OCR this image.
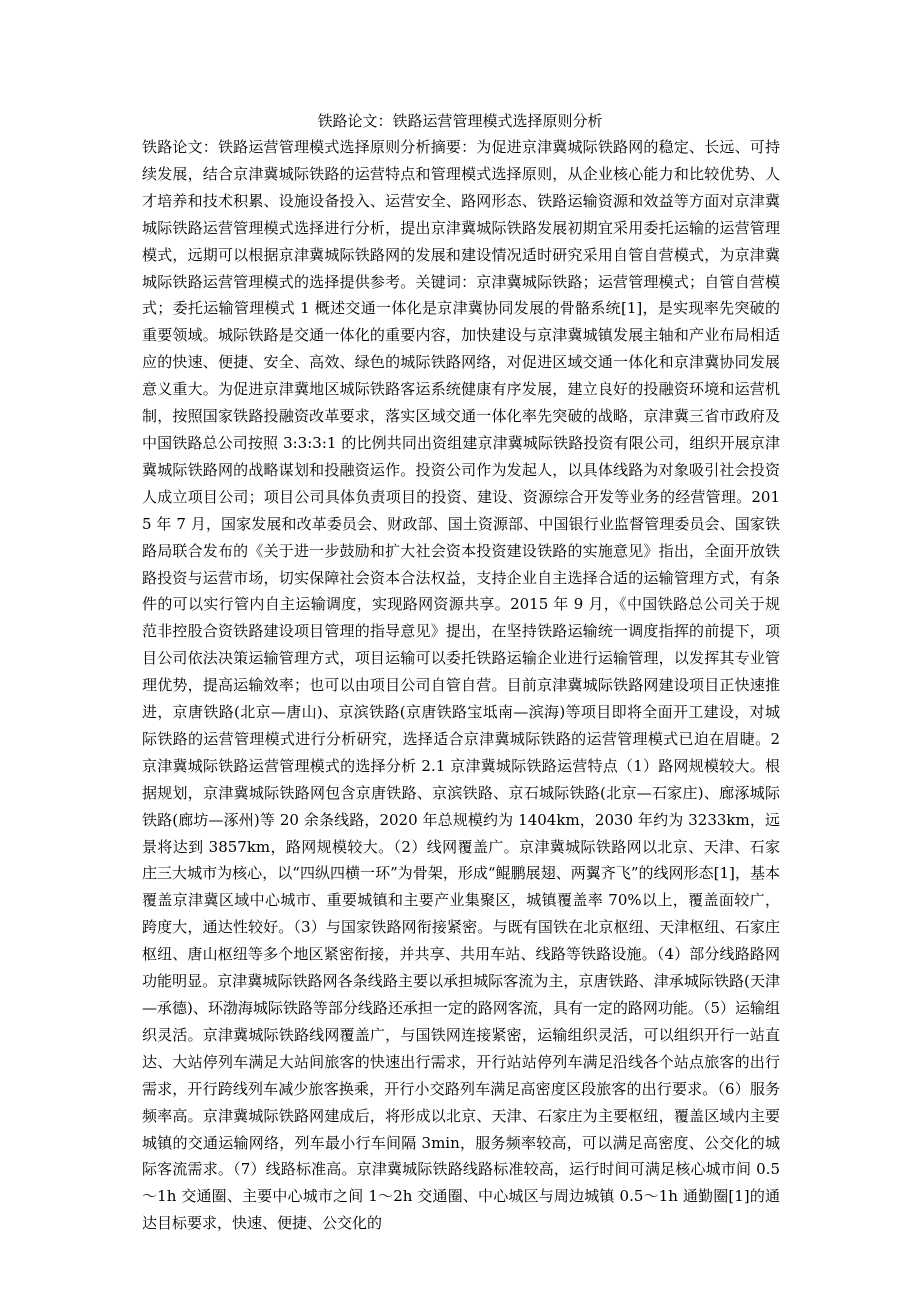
铁路论文：铁路运营管理模式选择原则分析

铁路论文：铁路运营管理模式选择原则分析摘要：为促进京津冀城际铁路网的稳定、长远、可持续发展，结合京津冀城际铁路的运营特点和管理模式选择原则，从企业核心能力和比较优势、人才培养和技术积累、设施设备投入、运营安全、路网形态、铁路运输资源和效益等方面对京津冀城际铁路运营管理模式选择进行分析，提出京津冀城际铁路发展初期宜采用委托运输的运营管理模式，远期可以根据京津冀城际铁路网的发展和建设情况适时研究采用自管自营模式，为京津冀城际铁路运营管理模式的选择提供参考。关键词：京津冀城际铁路；运营管理模式；自管自营模式；委托运输管理模式 1 概述交通一体化是京津冀协同发展的骨骼系统[1]，是实现率先突破的重要领域。城际铁路是交通一体化的重要内容，加快建设与京津冀城镇发展主轴和产业布局相适应的快速、便捷、安全、高效、绿色的城际铁路网络，对促进区域交通一体化和京津冀协同发展意义重大。为促进京津冀地区城际铁路客运系统健康有序发展，建立良好的投融资环境和运营机制，按照国家铁路投融资改革要求，落实区域交通一体化率先突破的战略，京津冀三省市政府及中国铁路总公司按照 3:3:3:1 的比例共同出资组建京津冀城际铁路投资有限公司，组织开展京津冀城际铁路网的战略谋划和投融资运作。投资公司作为发起人，以具体线路为对象吸引社会投资人成立项目公司；项目公司具体负责项目的投资、建设、资源综合开发等业务的经营管理。2015 年 7 月，国家发展和改革委员会、财政部、国土资源部、中国银行业监督管理委员会、国家铁路局联合发布的《关于进一步鼓励和扩大社会资本投资建设铁路的实施意见》指出，全面开放铁路投资与运营市场，切实保障社会资本合法权益，支持企业自主选择合适的运输管理方式，有条件的可以实行管内自主运输调度，实现路网资源共享。2015 年 9 月，《中国铁路总公司关于规范非控股合资铁路建设项目管理的指导意见》提出，在坚持铁路运输统一调度指挥的前提下，项目公司依法决策运输管理方式，项目运输可以委托铁路运输企业进行运输管理，以发挥其专业管理优势，提高运输效率；也可以由项目公司自管自营。目前京津冀城际铁路网建设项目正快速推进，京唐铁路(北京—唐山)、京滨铁路(京唐铁路宝坻南—滨海)等项目即将全面开工建设，对城际铁路的运营管理模式进行分析研究，选择适合京津冀城际铁路的运营管理模式已迫在眉睫。2 京津冀城际铁路运营管理模式的选择分析 2.1 京津冀城际铁路运营特点（1）路网规模较大。根据规划，京津冀城际铁路网包含京唐铁路、京滨铁路、京石城际铁路(北京—石家庄)、廊涿城际铁路(廊坊—涿州)等 20 余条线路，2020 年总规模约为 1404km，2030 年约为 3233km，远景将达到 3857km，路网规模较大。（2）线网覆盖广。京津冀城际铁路网以北京、天津、石家庄三大城市为核心，以“四纵四横一环”为骨架，形成“鲲鹏展翅、两翼齐飞”的线网形态[1]，基本覆盖京津冀区域中心城市、重要城镇和主要产业集聚区，城镇覆盖率 70%以上，覆盖面较广，跨度大，通达性较好。（3）与国家铁路网衔接紧密。与既有国铁在北京枢纽、天津枢纽、石家庄枢纽、唐山枢纽等多个地区紧密衔接，并共享、共用车站、线路等铁路设施。（4）部分线路路网功能明显。京津冀城际铁路网各条线路主要以承担城际客流为主，京唐铁路、津承城际铁路(天津—承德)、环渤海城际铁路等部分线路还承担一定的路网客流，具有一定的路网功能。（5）运输组织灵活。京津冀城际铁路线网覆盖广，与国铁网连接紧密，运输组织灵活，可以组织开行一站直达、大站停列车满足大站间旅客的快速出行需求，开行站站停列车满足沿线各个站点旅客的出行需求，开行跨线列车减少旅客换乘，开行小交路列车满足高密度区段旅客的出行要求。（6）服务频率高。京津冀城际铁路网建成后，将形成以北京、天津、石家庄为主要枢纽，覆盖区域内主要城镇的交通运输网络，列车最小行车间隔 3min，服务频率较高，可以满足高密度、公交化的城际客流需求。（7）线路标准高。京津冀城际铁路线路标准较高，运行时间可满足核心城市间 0.5～1h 交通圈、主要中心城市之间 1～2h 交通圈、中心城区与周边城镇 0.5～1h 通勤圈[1]的通达目标要求，快速、便捷、公交化的
